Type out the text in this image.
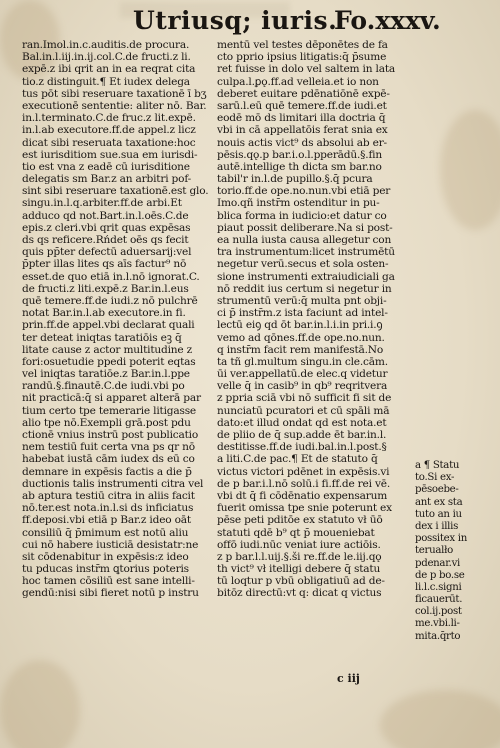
Utriusq; iuris.
Fo.xxxv.
ran.Imol.in.c.auditis.de procura.
Bal.in.l.iij.in.ij.col.C.de fructi.z li.
expē.z ibi qrit an in ea reqrat̄ cita
tio.z distinguit.¶ Et iudex delega
tus pōt sibi reseruare taxationē ī bʒ
executionē sententie: aliter nō. Bar.
in.l.terminato.C.de fruc.z lit.expē.
in.l.ab executore.ff.de appel.z licz
dicat sibi reseruata taxatione:hoc
est iurisditiom sue.sua em iurisdi-
tio est vna z eadē cū iurisditione
delegatis sm Bar.z an arbitri pof-
sint sibi reseruare taxationē.est glo.
singu.in.l.q.arbiter.ff.de arbi.Et
adduco qd not.Bart.in.l.oēs.C.de
epis.z cleri.vbi qrit quas expēsas
ds qs reficere.Rńdet oēs qs fecit
quis pp̄ter defectū aduersarij:vel
p̄pter illas lites qs aīs factur⁹ nō
esset.de quo etiā in.l.nō ignorat.C.
de fructi.z liti.expē.z Bar.in.l.eus
quē temere.ff.de iudi.z nō pulchrē
notat Bar.in.l.ab executore.in fi.
prin.ff.de appel.vbi declarat quali
ter deteat iniqtas taratiōis eꝫ q̄
litate cause z actor multitudine z
fori:osuetudie ppedi poterit eqtas
vel iniqtas taratiōe.z Bar.in.l.ppe
randū.§.finautē.C.de iudi.vbi po
nit practicā:q̄ si apparet alterā par
tium certo tpe temerarie litigasse
alio tpe nō.Exempli grā.post pdu
ctionē vnius instrū post publicatio
nem testiū fuit certa vna ps qr nō
habebat iustā cām iudex ds eū co
demnare in expēsis factis a die p̄
ductionis talis instrumenti citra vel
ab aptura testiū citra in aliis facit
nō.ter.est nota.in.l.si ds inficiatus
ff.deposi.vbi etiā p Bar.z ideo oāt
consiliū q̄ p̄mimum est notū aliu
cui nō habere iusticiā desistatr:ne
sit cōdenabitur in expēsis:z ideo
tu pducas instr̄m ꝗtorius poteris
hoc tamen cōsiliū est sane intelli-
gendū:nisi sibi fieret notū p instru
mentū vel testes dēponētes de fa
cto pprio ipsius litigatis:q̄ p̄sume
ret fuisse in dolo vel saltem in lata
culpa.l.ꝑǫ.ff.ad velleia.et io non
deberet euitare pdēnatiōnē expē-
sarū.l.eū quē temere.ff.de iudi.et
eodē mō ds limitari illa doctria q̄
vbi in cā appellatōis ferat snia ex
nouis actis vict⁹ ds absolui ab er-
pēsis.qǫ.p bar.i.o.l.pperādū.§.fin
autē.intellige th̄ dicta sm bar.no
tabil'r in.l.de pupillo.§.q̄ pcura
torio.ff.de ope.no.nun.vbi etiā per
Imo.qñ instr̄m ostenditur in pu-
blica forma in iudicio:et datur co
piaut possit deliberare.Na si post-
ea nulla iusta causa allegetur con
tra instrumentum:licet instrumētū
negetur verū.secus et sola osten-
sione instrumenti extraiudiciali ga
nō reddit ius certum si negetur in
strumentū verū:q̄ multa pnt obji-
ci p̄ instr̄m.z ista faciunt ad intel-
lectū eiꝯ qd ōt bar.in.l.i.in pri.i.ꝯ
vemo ad qōnes.ff.de ope.no.nun.
q instr̄m facit rem manifestā.No
ta tñ gl.multum singu.in cle.cām.
ūi ver.appellatū.de elec.q videtur
velle q̄ in casib⁹ in qb⁹ reqritvera
z ppria sciā vbi nō sufficit fi sit de
nunciatū pcuratori et cū spāli mā
dato:et illud ondat qd est nota.et
de pliio de q̄ sup.adde ēt bar.in.l.
destitisse.ff.de iudi.bal.in.l.post.§
a liti.C.de pac.¶ Et de statuto q̄
victus victori pdēnet in expēsis.vi
de p bar.i.l.nō solū.i fi.ff.de rei vē.
vbi dt q̄ fi cōdēnatio expensarum
fuerit omissa tpe snie poterunt ex
pēse peti pditōe ex statuto vł ūō
statuti qdē b⁹ qt p̄ moueniebat
offō iudi.nūc veniat iure actiōis.
z p bar.l.l.uij.§.ši re.ff.de le.iij.qǫ
th̄ vict⁹ vł itelligi debere q̄ statu
tū loqtur p vbū obligatiuū ad de-
bitōz directū:vt q: dicat q victus
a ¶ Statu
to.Si ex-
pēsoebe-
ant ex sta
tuto an iu
dex i illis
possitex in
terualło
pdenar.vi
de p bo.se
li.l.c.signi
ficauerūt.
col.ij.post
me.vbi.li-
mita.q̄rto
c iij
